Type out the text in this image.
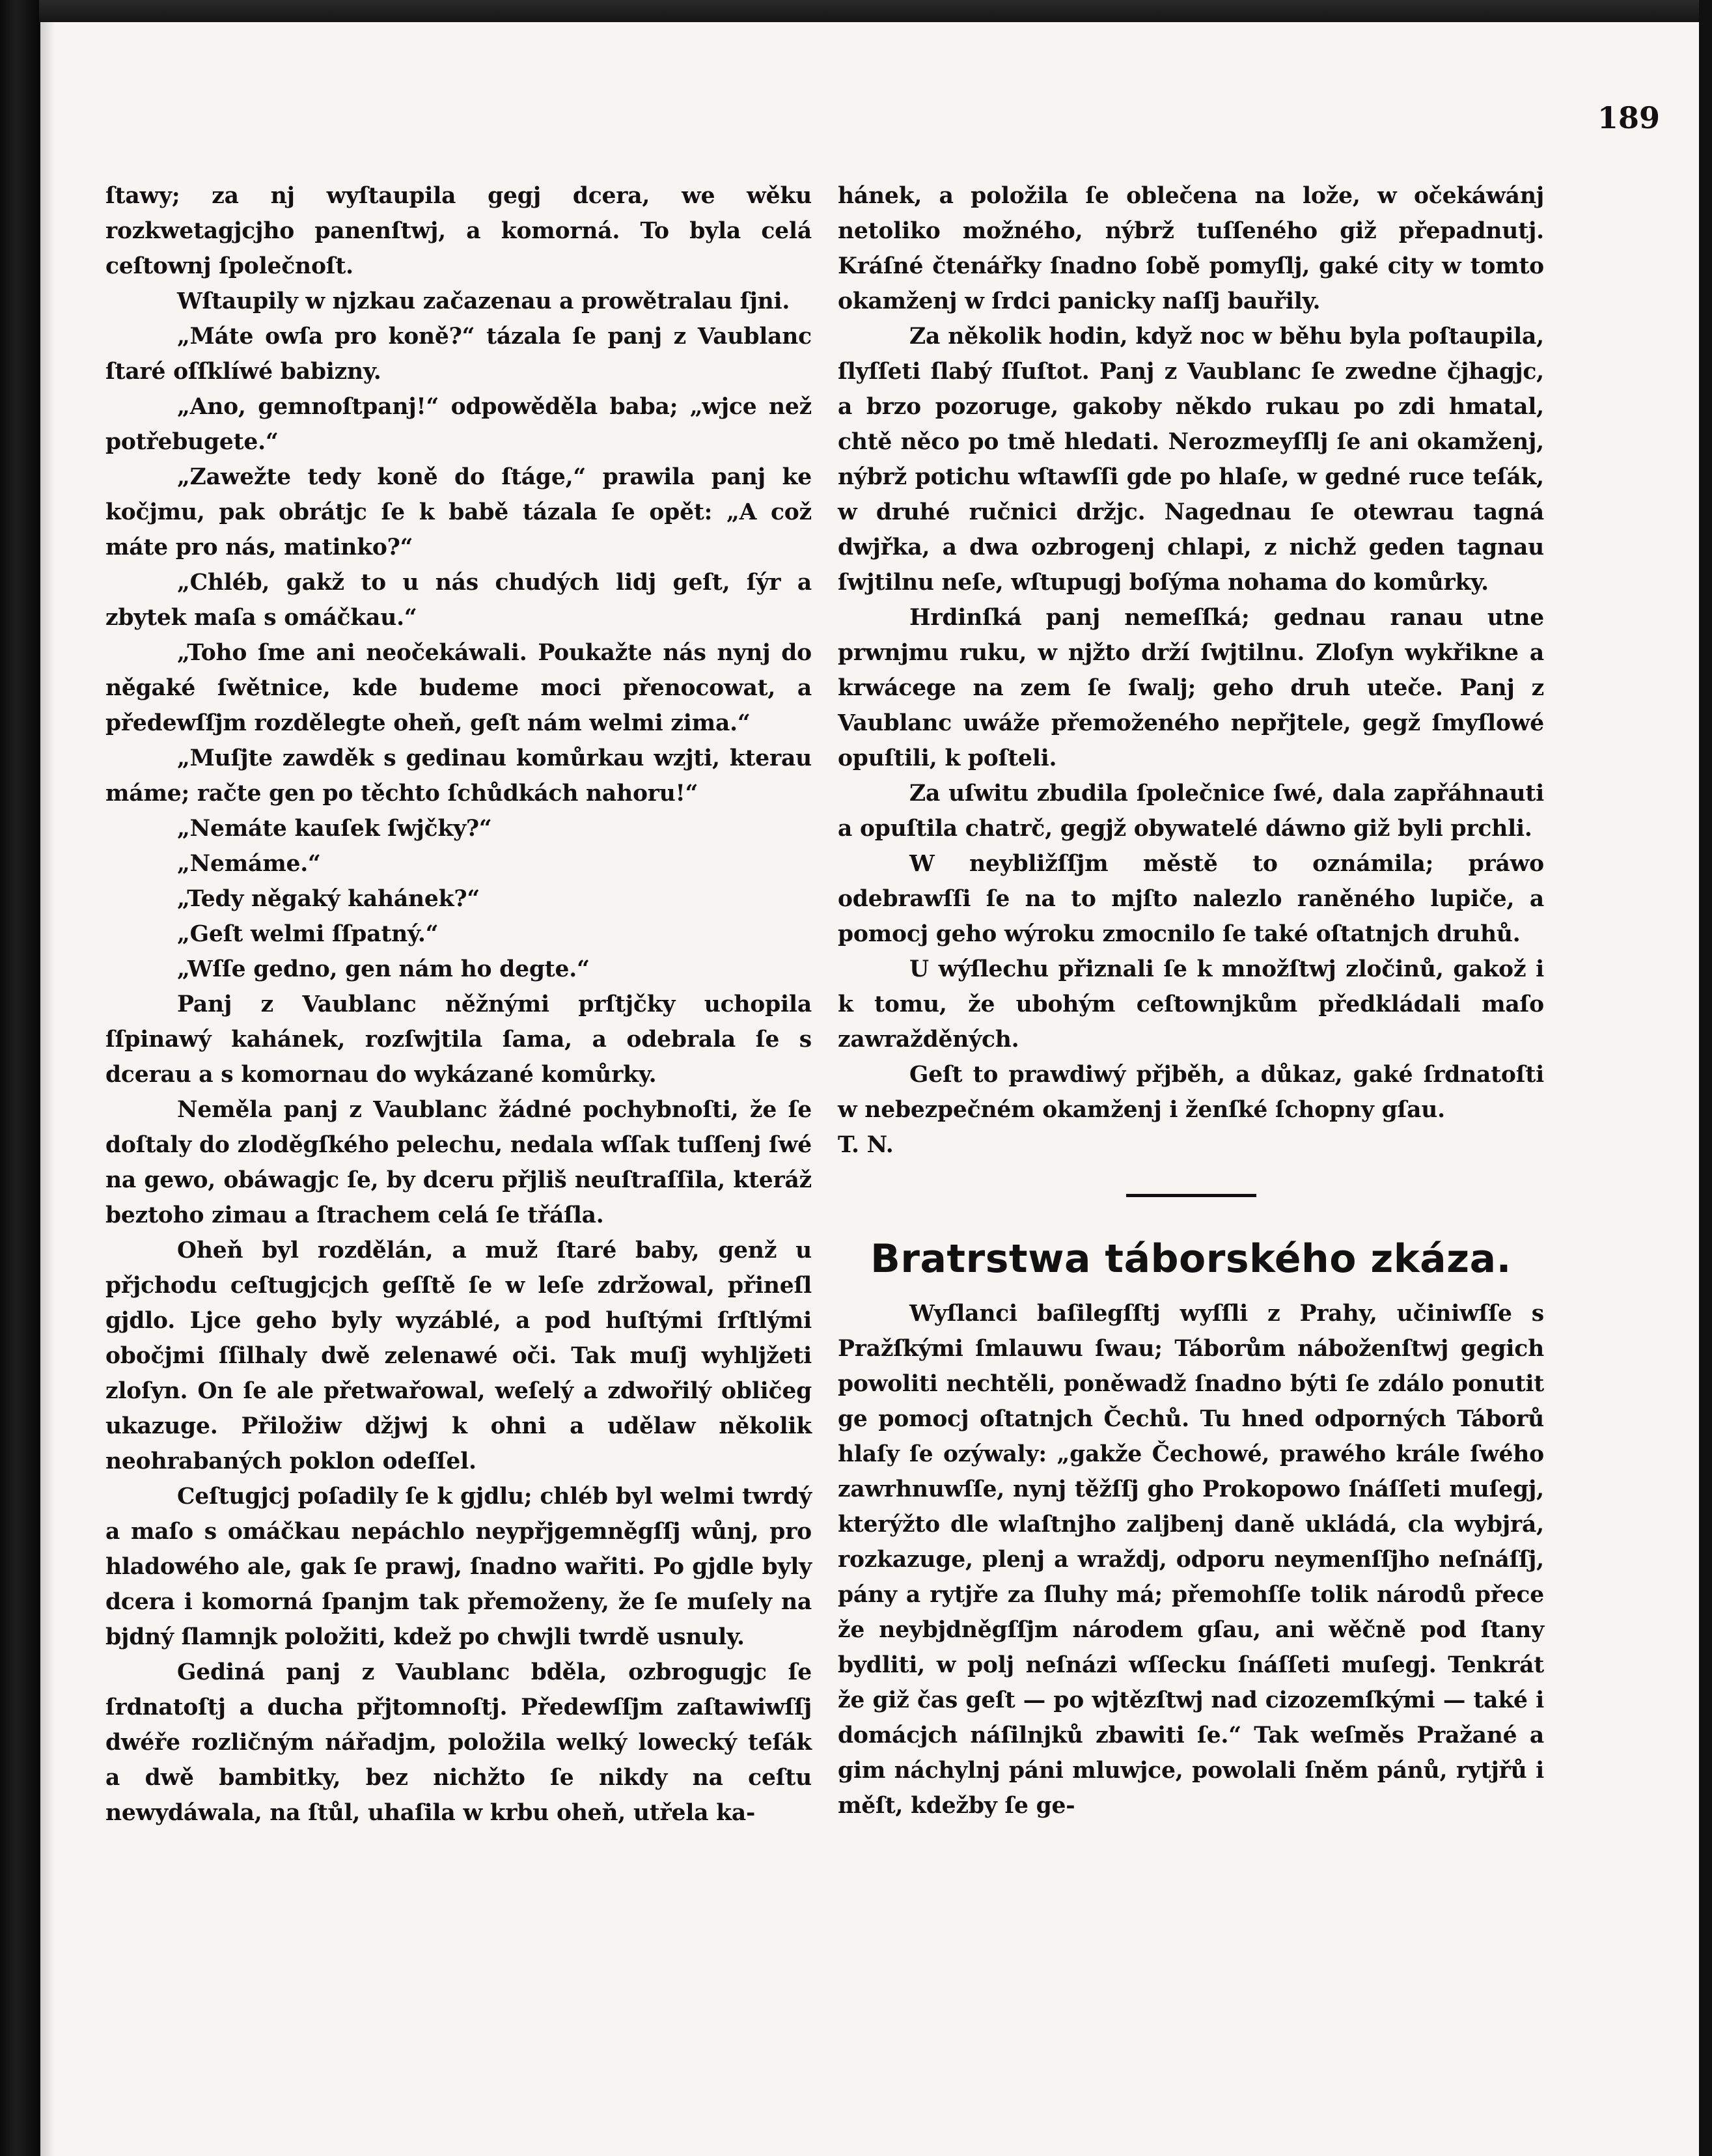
189

ſtawy; za nj wyſtaupila gegj dcera, we wěku rozkwetagjcjho panenſtwj, a komorná. To byla celá ceſtownj ſpolečnoſt.

Wſtaupily w njzkau začazenau a prowětralau ſjni.

„Máte owſa pro koně?“ tázala ſe panj z Vaublanc ſtaré oſſklíwé babizny.

„Ano, gemnoſtpanj!“ odpowěděla baba; „wjce než potřebugete.“

„Zawežte tedy koně do ſtáge,“ prawila panj ke kočjmu, pak obrátjc ſe k babě tázala ſe opět: „A což máte pro nás, matinko?“

„Chléb, gakž to u nás chudých lidj geſt, ſýr a zbytek maſa s omáčkau.“

„Toho ſme ani neočekáwali. Poukažte nás nynj do něgaké ſwětnice, kde budeme moci přenocowat, a předewſſjm rozdělegte oheň, geſt nám welmi zima.“

„Muſjte zawděk s gedinau komůrkau wzjti, kterau máme; račte gen po těchto ſchůdkách nahoru!“

„Nemáte kauſek ſwjčky?“

„Nemáme.“

„Tedy něgaký kahánek?“

„Geſt welmi ſſpatný.“

„Wſſe gedno, gen nám ho degte.“

Panj z Vaublanc něžnými prſtjčky uchopila ſſpinawý kahánek, rozſwjtila ſama, a odebrala ſe s dcerau a s komornau do wykázané komůrky.

Neměla panj z Vaublanc žádné pochybnoſti, že ſe doſtaly do zloděgſkého pelechu, nedala wſſak tuſſenj ſwé na gewo, obáwagjc ſe, by dceru přjliš neuſtraſſila, kteráž beztoho zimau a ſtrachem celá ſe třáſla.

Oheň byl rozdělán, a muž ſtaré baby, genž u přjchodu ceſtugjcjch geſſtě ſe w leſe zdržowal, přineſl gjdlo. Ljce geho byly wyzáblé, a pod huſtými ſrſtlými obočjmi ſſilhaly dwě zelenawé oči. Tak muſj wyhljžeti zloſyn. On ſe ale přetwařowal, weſelý a zdwořilý obličeg ukazuge. Přiložiw džjwj k ohni a udělaw několik neohrabaných poklon odeſſel.

Ceſtugjcj poſadily ſe k gjdlu; chléb byl welmi twrdý a maſo s omáčkau nepáchlo neypřjgemněgſſj wůnj, pro hladowého ale, gak ſe prawj, ſnadno wařiti. Po gjdle byly dcera i komorná ſpanjm tak přemoženy, že ſe muſely na bjdný ſlamnjk položiti, kdež po chwjli twrdě usnuly.

Gediná panj z Vaublanc bděla, ozbrogugjc ſe ſrdnatoſtj a ducha přjtomnoſtj. Předewſſjm zaſtawiwſſj dwéře rozličným nářadjm, položila welký lowecký teſák a dwě bambitky, bez nichžto ſe nikdy na ceſtu newydáwala, na ſtůl, uhaſila w krbu oheň, utřela ka-

hánek, a položila ſe oblečena na lože, w očekáwánj netoliko možného, nýbrž tuſſeného giž přepadnutj. Kráſné čtenářky ſnadno ſobě pomyſlj, gaké city w tomto okamženj w ſrdci panicky naſſj bauřily.

Za několik hodin, když noc w běhu byla poſtaupila, ſlyſſeti ſlabý ſſuſtot. Panj z Vaublanc ſe zwedne čjhagjc, a brzo pozoruge, gakoby někdo rukau po zdi hmatal, chtě něco po tmě hledati. Nerozmeyſſlj ſe ani okamženj, nýbrž potichu wſtawſſi gde po hlaſe, w gedné ruce teſák, w druhé ručnici držjc. Nagednau ſe otewrau tagná dwjřka, a dwa ozbrogenj chlapi, z nichž geden tagnau ſwjtilnu neſe, wſtupugj boſýma nohama do komůrky.

Hrdinſká panj nemeſſká; gednau ranau utne prwnjmu ruku, w njžto drží ſwjtilnu. Zloſyn wykřikne a krwácege na zem ſe ſwalj; geho druh uteče. Panj z Vaublanc uwáže přemoženého nepřjtele, gegž ſmyſlowé opuſtili, k poſteli.

Za uſwitu zbudila ſpolečnice ſwé, dala zapřáhnauti a opuſtila chatrč, gegjž obywatelé dáwno giž byli prchli.

W neybližſſjm městě to oznámila; práwo odebrawſſi ſe na to mjſto nalezlo raněného lupiče, a pomocj geho wýroku zmocnilo ſe také oſtatnjch druhů.

U wýſlechu přiznali ſe k množſtwj zločinů, gakož i k tomu, že ubohým ceſtownjkům předkládali maſo zawražděných.

Geſt to prawdiwý přjběh, a důkaz, gaké ſrdnatoſti w nebezpečném okamženj i ženſké ſchopny gſau.

T. N.

Bratrstwa táborského zkáza.

Wyſlanci baſilegſſtj wyſſli z Prahy, učiniwſſe s Pražſkými ſmlauwu ſwau; Táborům náboženſtwj gegich powoliti nechtěli, poněwadž ſnadno býti ſe zdálo ponutit ge pomocj oſtatnjch Čechů. Tu hned odporných Táborů hlaſy ſe ozýwaly: „gakže Čechowé, prawého krále ſwého zawrhnuwſſe, nynj těžſſj gho Prokopowo ſnáſſeti muſegj, kterýžto dle wlaſtnjho zaljbenj daně ukládá, cla wybjrá, rozkazuge, plenj a wraždj, odporu neymenſſjho neſnáſſj, pány a rytjře za ſluhy má; přemohſſe tolik národů přece že neybjdněgſſjm národem gſau, ani wěčně pod ſtany bydliti, w polj neſnázi wſſecku ſnáſſeti muſegj. Tenkrát že giž čas geſt — po wjtězſtwj nad cizozemſkými — také i domácjch náſilnjků zbawiti ſe.“ Tak weſměs Pražané a gim náchylnj páni mluwjce, powolali ſněm pánů, rytjřů i měſt, kdežby ſe ge-
